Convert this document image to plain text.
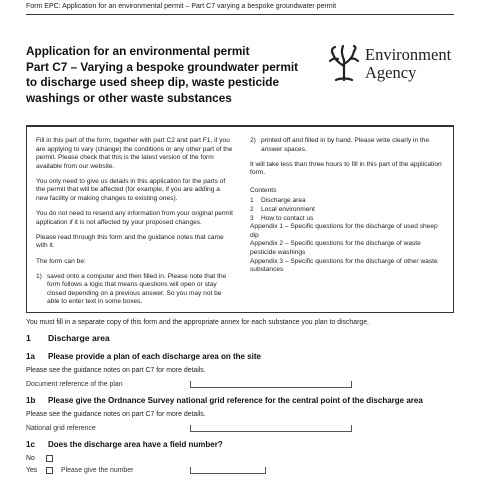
Form EPC: Application for an environmental permit – Part C7 varying a bespoke groundwater permit
Application for an environmental permit
Part C7 – Varying a bespoke groundwater permit
to discharge used sheep dip, waste pesticide
washings or other waste substances
Environment
Agency

Fill in this part of the form, together with part C2 and part F1, if you are applying to vary (change) the conditions or any other part of the permit. Please check that this is the latest version of the form available from our website.

You only need to give us details in this application for the parts of the permit that will be affected (for example, if you are adding a new facility or making changes to existing ones).

You do not need to resend any information from your original permit application if it is not affected by your proposed changes.

Please read through this form and the guidance notes that came with it.

The form can be:

1) saved onto a computer and then filled in. Please note that the form follows a logic that means questions will open or stay closed depending on a previous answer. So you may not be able to enter text in some boxes.
2) printed off and filled in by hand. Please write clearly in the answer spaces.

It will take less than three hours to fill in this part of the application form.

Contents
1	Discharge area
2	Local environment
3	How to contact us
Appendix 1 – Specific questions for the discharge of used sheep dip
Appendix 2 – Specific questions for the discharge of waste pesticide washings
Appendix 3 – Specific questions for the discharge of other waste substances
You must fill in a separate copy of this form and the appropriate annex for each substance you plan to discharge.
1 Discharge area
1a Please provide a plan of each discharge area on the site
Please see the guidance notes on part C7 for more details.
Document reference of the plan
1b Please give the Ordnance Survey national grid reference for the central point of the discharge area
Please see the guidance notes on part C7 for more details.
National grid reference
1c Does the discharge area have a field number?
No
Yes	Please give the number
